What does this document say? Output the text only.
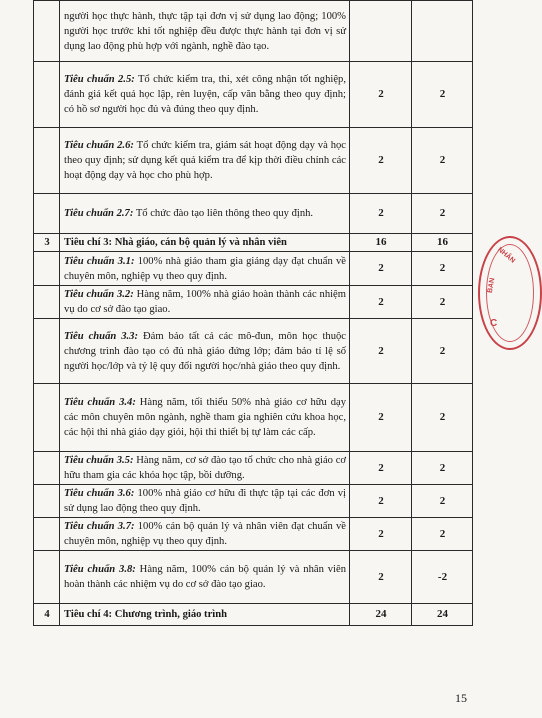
	người học thực hành, thực tập tại đơn vị sử dụng lao động; 100% người học trước khi tốt nghiệp đều được thực hành tại đơn vị sử dụng lao động phù hợp với ngành, nghề đào tạo.		
	Tiêu chuẩn 2.5: Tổ chức kiểm tra, thi, xét công nhận tốt nghiệp, đánh giá kết quả học lập, rèn luyện, cấp văn bằng theo quy định; có hồ sơ người học đủ và đúng theo quy định.	2	2
	Tiêu chuẩn 2.6: Tổ chức kiểm tra, giám sát hoạt động dạy và học theo quy định; sử dụng kết quả kiểm tra để kịp thời điều chỉnh các hoạt động dạy và học cho phù hợp.	2	2
	Tiêu chuẩn 2.7: Tổ chức đào tạo liên thông theo quy định.	2	2
3	Tiêu chí 3: Nhà giáo, cán bộ quản lý và nhân viên	16	16
	Tiêu chuẩn 3.1: 100% nhà giáo tham gia giảng dạy đạt chuẩn về chuyên môn, nghiệp vụ theo quy định.	2	2
	Tiêu chuẩn 3.2: Hàng năm, 100% nhà giáo hoàn thành các nhiệm vụ do cơ sở đào tạo giao.	2	2
	Tiêu chuẩn 3.3: Đảm bảo tất cả các mô-đun, môn học thuộc chương trình đào tạo có đủ nhà giáo đứng lớp; đảm bảo tỉ lệ số người học/lớp và tỷ lệ quy đổi người học/nhà giáo theo quy định.	2	2
	Tiêu chuẩn 3.4: Hàng năm, tối thiểu 50% nhà giáo cơ hữu dạy các môn chuyên môn ngành, nghề tham gia nghiên cứu khoa học, các hội thi nhà giáo dạy giỏi, hội thi thiết bị tự làm các cấp.	2	2
	Tiêu chuẩn 3.5: Hàng năm, cơ sở đào tạo tổ chức cho nhà giáo cơ hữu tham gia các khóa học tập, bồi dưỡng.	2	2
	Tiêu chuẩn 3.6: 100% nhà giáo cơ hữu đi thực tập tại các đơn vị sử dụng lao động theo quy định.	2	2
	Tiêu chuẩn 3.7: 100% cán bộ quản lý và nhân viên đạt chuẩn về chuyên môn, nghiệp vụ theo quy định.	2	2
	Tiêu chuẩn 3.8: Hàng năm, 100% cán bộ quản lý và nhân viên hoàn thành các nhiệm vụ do cơ sở đào tạo giao.	2	-2
4	Tiêu chí 4: Chương trình, giáo trình	24	24
NHÂN
BAN
C
15
